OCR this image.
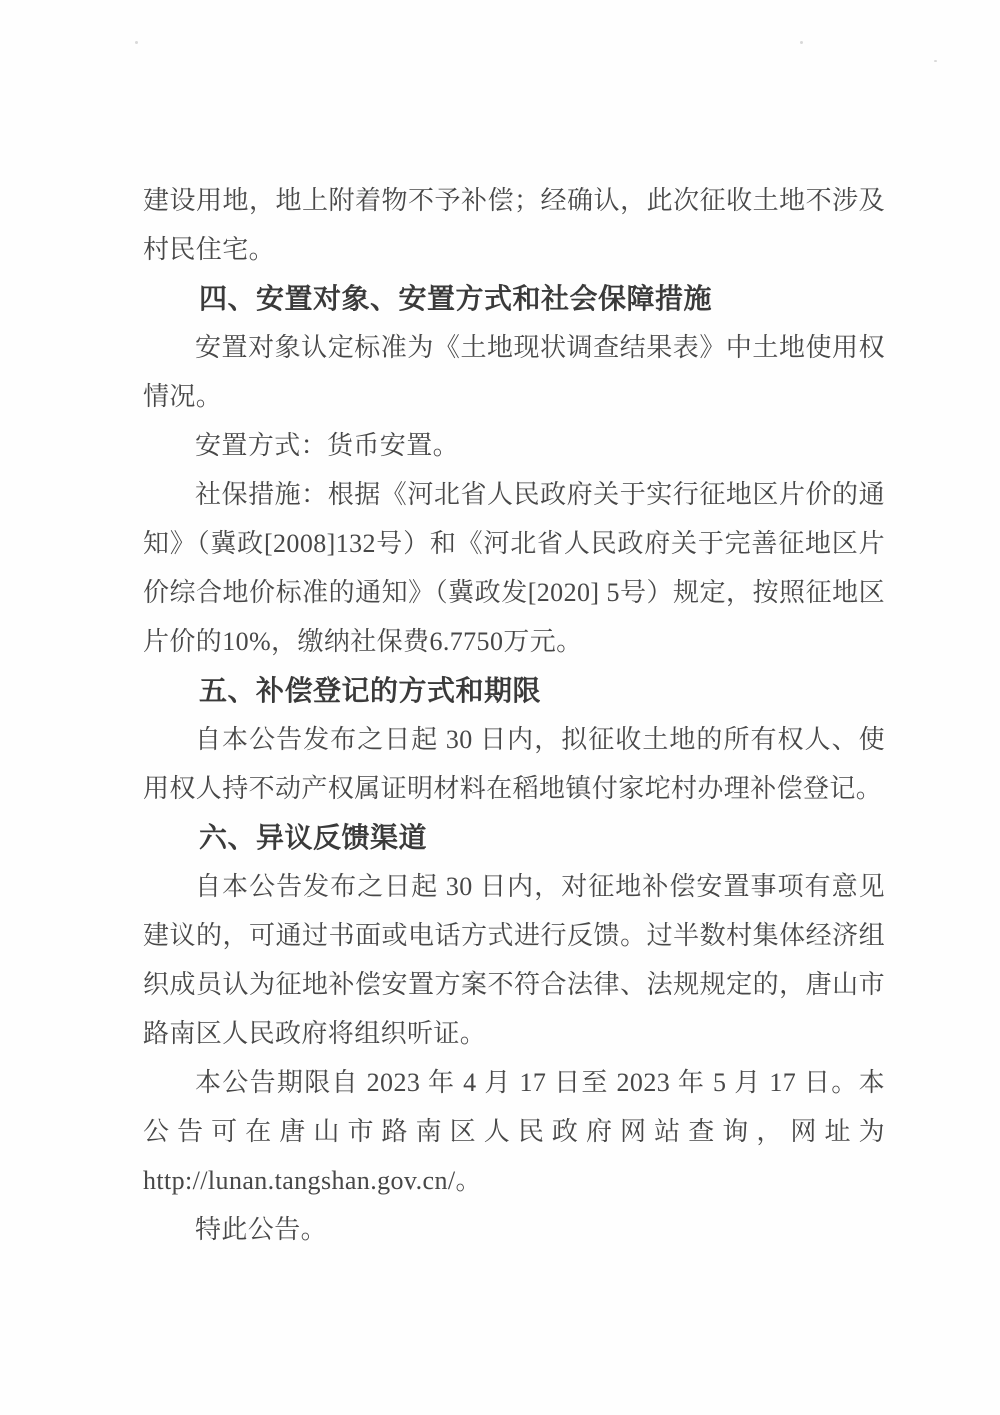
建设用地，地上附着物不予补偿；经确认，此次征收土地不涉及村民住宅。

四、安置对象、安置方式和社会保障措施

安置对象认定标准为《土地现状调查结果表》中土地使用权情况。

安置方式：货币安置。

社保措施：根据《河北省人民政府关于实行征地区片价的通知》（冀政[2008]132号）和《河北省人民政府关于完善征地区片价综合地价标准的通知》（冀政发[2020] 5号）规定，按照征地区片价的10%，缴纳社保费6.7750万元。

五、补偿登记的方式和期限

自本公告发布之日起 30 日内，拟征收土地的所有权人、使用权人持不动产权属证明材料在稻地镇付家坨村办理补偿登记。

六、异议反馈渠道

自本公告发布之日起 30 日内，对征地补偿安置事项有意见建议的，可通过书面或电话方式进行反馈。过半数村集体经济组织成员认为征地补偿安置方案不符合法律、法规规定的，唐山市路南区人民政府将组织听证。

本公告期限自 2023 年 4 月 17 日至 2023 年 5 月 17 日。本公告可在唐山市路南区人民政府网站查询，网址为http://lunan.tangshan.gov.cn/。

特此公告。
